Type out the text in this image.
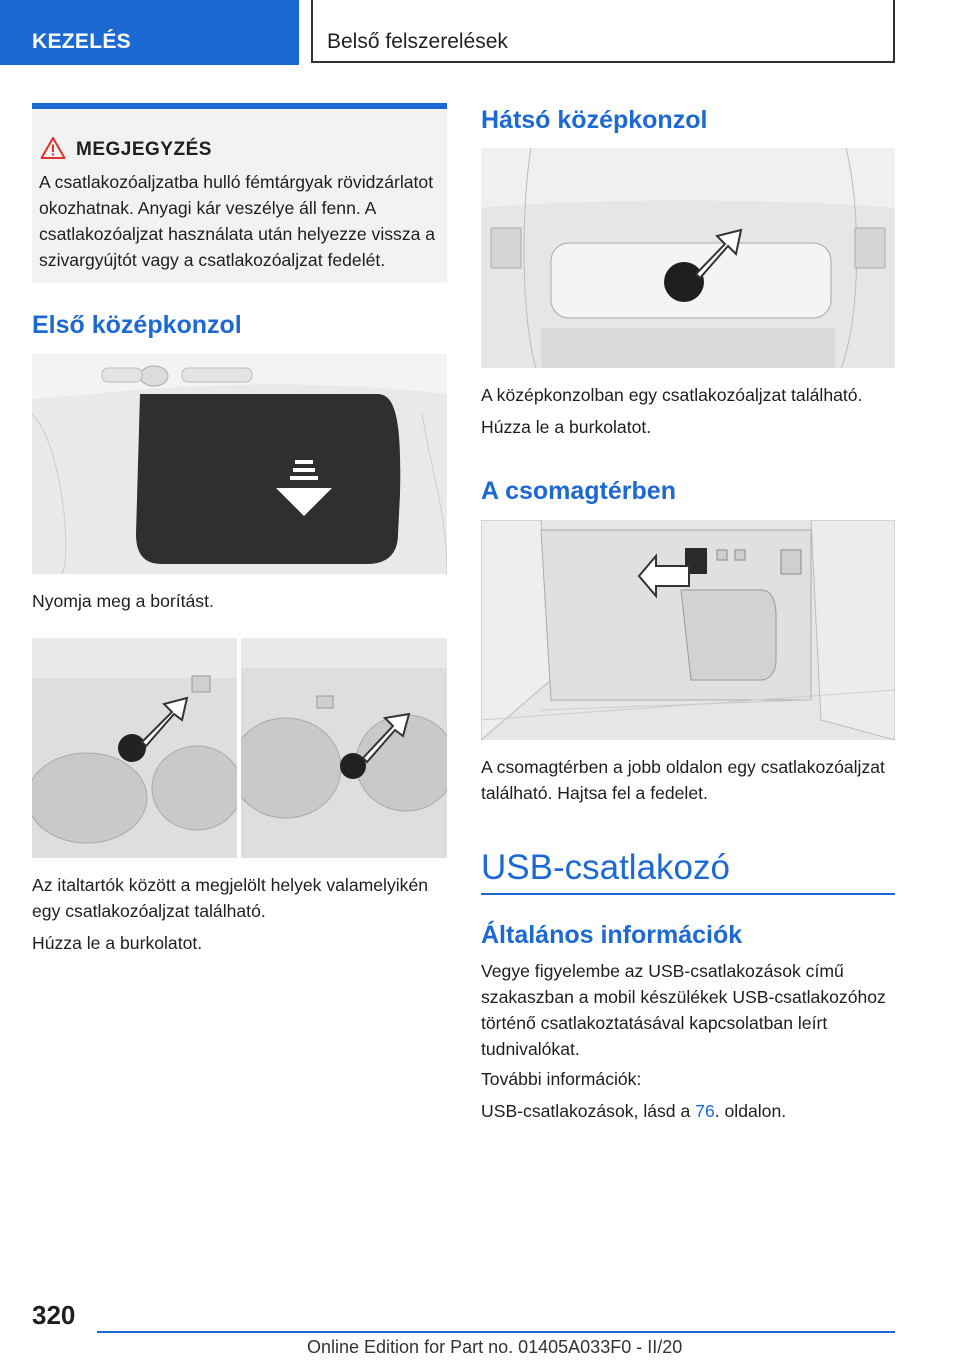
KEZELÉS	Belső felszerelések
MEGJEGYZÉS
A csatlakozóaljzatba hulló fémtárgyak rövidzárlatot okozhatnak. Anyagi kár veszélye áll fenn. A csatlakozóaljzat használata után helyezze vissza a szivargyújtót vagy a csatlakozóaljzat fedelét.
Első középkonzol

Nyomja meg a borítást.

Az italtartók között a megjelölt helyek valamelyikén egy csatlakozóaljzat található.

Húzza le a burkolatot.

Hátsó középkonzol

A középkonzolban egy csatlakozóaljzat található.

Húzza le a burkolatot.

A csomagtérben

A csomagtérben a jobb oldalon egy csatlakozóaljzat található. Hajtsa fel a fedelet.

USB-csatlakozó
Általános információk

Vegye figyelembe az USB-csatlakozások című szakaszban a mobil készülékek USB-csatlakozóhoz történő csatlakoztatásával kapcsolatban leírt tudnivalókat.

További információk:

USB-csatlakozások, lásd a 76. oldalon.

320
Online Edition for Part no. 01405A033F0 - II/20
